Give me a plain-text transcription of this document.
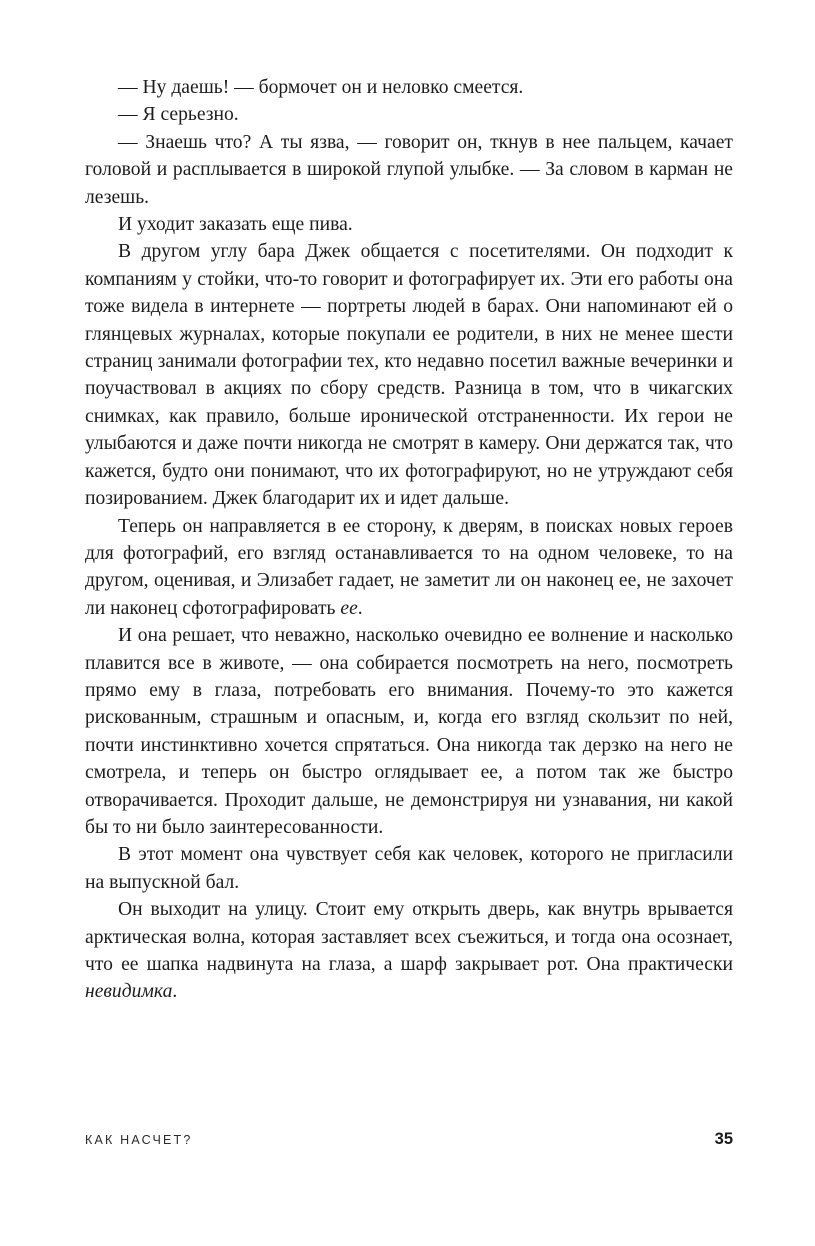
— Ну даешь! — бормочет он и неловко смеется.

— Я серьезно.

— Знаешь что? А ты язва, — говорит он, ткнув в нее пальцем, качает головой и расплывается в широкой глупой улыбке. — За словом в карман не лезешь.

И уходит заказать еще пива.

В другом углу бара Джек общается с посетителями. Он подходит к компаниям у стойки, что-то говорит и фотографирует их. Эти его работы она тоже видела в интернете — портреты людей в барах. Они напоминают ей о глянцевых журналах, которые покупали ее родители, в них не менее шести страниц занимали фотографии тех, кто недавно посетил важные вечеринки и поучаствовал в акциях по сбору средств. Разница в том, что в чикагских снимках, как правило, больше иронической отстраненности. Их герои не улыбаются и даже почти никогда не смотрят в камеру. Они держатся так, что кажется, будто они понимают, что их фотографируют, но не утруждают себя позированием. Джек благодарит их и идет дальше.

Теперь он направляется в ее сторону, к дверям, в поисках новых героев для фотографий, его взгляд останавливается то на одном человеке, то на другом, оценивая, и Элизабет гадает, не заметит ли он наконец ее, не захочет ли наконец сфотографировать ее.

И она решает, что неважно, насколько очевидно ее волнение и насколько плавится все в животе, — она собирается посмотреть на него, посмотреть прямо ему в глаза, потребовать его внимания. Почему-то это кажется рискованным, страшным и опасным, и, когда его взгляд скользит по ней, почти инстинктивно хочется спрятаться. Она никогда так дерзко на него не смотрела, и теперь он быстро оглядывает ее, а потом так же быстро отворачивается. Проходит дальше, не демонстрируя ни узнавания, ни какой бы то ни было заинтересованности.

В этот момент она чувствует себя как человек, которого не пригласили на выпускной бал.

Он выходит на улицу. Стоит ему открыть дверь, как внутрь врывается арктическая волна, которая заставляет всех съежиться, и тогда она осознает, что ее шапка надвинута на глаза, а шарф закрывает рот. Она практически невидимка.

КАК НАСЧЕТ?	35
